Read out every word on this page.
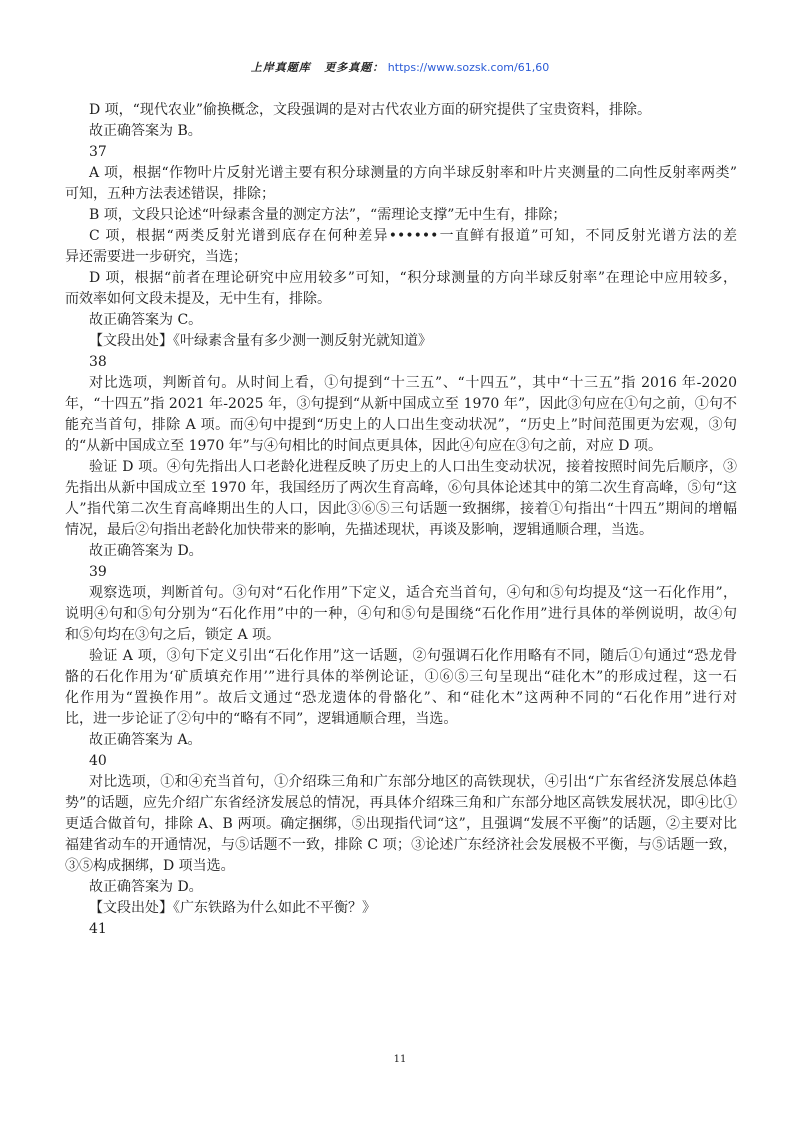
上岸真题库 更多真题： https://www.sozsk.com/61,60
D 项，“现代农业”偷换概念，文段强调的是对古代农业方面的研究提供了宝贵资料，排除。
故正确答案为 B。
37
A 项，根据“作物叶片反射光谱主要有积分球测量的方向半球反射率和叶片夹测量的二向性反射率两类”
可知，五种方法表述错误，排除；
B 项，文段只论述“叶绿素含量的测定方法”，“需理论支撑”无中生有，排除；
C 项，根据“两类反射光谱到底存在何种差异••••••一直鲜有报道”可知，不同反射光谱方法的差
异还需要进一步研究，当选；
D 项，根据“前者在理论研究中应用较多”可知，“积分球测量的方向半球反射率”在理论中应用较多，
而效率如何文段未提及，无中生有，排除。
故正确答案为 C。
【文段出处】《叶绿素含量有多少测一测反射光就知道》
38
对比选项，判断首句。从时间上看，①句提到“十三五”、“十四五”，其中“十三五”指 2016 年-2020
年，“十四五”指 2021 年-2025 年，③句提到“从新中国成立至 1970 年”，因此③句应在①句之前，①句不
能充当首句，排除 A 项。而④句中提到“历史上的人口出生变动状况”，“历史上”时间范围更为宏观，③句
的“从新中国成立至 1970 年”与④句相比的时间点更具体，因此④句应在③句之前，对应 D 项。
验证 D 项。④句先指出人口老龄化进程反映了历史上的人口出生变动状况，接着按照时间先后顺序，③
先指出从新中国成立至 1970 年，我国经历了两次生育高峰，⑥句具体论述其中的第二次生育高峰，⑤句“这
人”指代第二次生育高峰期出生的人口，因此③⑥⑤三句话题一致捆绑，接着①句指出“十四五”期间的增幅
情况，最后②句指出老龄化加快带来的影响，先描述现状，再谈及影响，逻辑通顺合理，当选。
故正确答案为 D。
39
观察选项，判断首句。③句对“石化作用”下定义，适合充当首句，④句和⑤句均提及“这一石化作用”，
说明④句和⑤句分别为“石化作用”中的一种，④句和⑤句是围绕“石化作用”进行具体的举例说明，故④句
和⑤句均在③句之后，锁定 A 项。
验证 A 项，③句下定义引出“石化作用”这一话题，②句强调石化作用略有不同，随后①句通过“恐龙骨
骼的石化作用为‘矿质填充作用’”进行具体的举例论证，①⑥⑤三句呈现出“硅化木”的形成过程，这一石
化作用为“置换作用”。故后文通过“恐龙遗体的骨骼化”、和“硅化木”这两种不同的“石化作用”进行对
比，进一步论证了②句中的“略有不同”，逻辑通顺合理，当选。
故正确答案为 A。
40
对比选项，①和④充当首句，①介绍珠三角和广东部分地区的高铁现状，④引出“广东省经济发展总体趋
势”的话题，应先介绍广东省经济发展总的情况，再具体介绍珠三角和广东部分地区高铁发展状况，即④比①
更适合做首句，排除 A、B 两项。确定捆绑，⑤出现指代词“这”，且强调“发展不平衡”的话题，②主要对比
福建省动车的开通情况，与⑤话题不一致，排除 C 项；③论述广东经济社会发展极不平衡，与⑤话题一致，
③⑤构成捆绑，D 项当选。
故正确答案为 D。
【文段出处】《广东铁路为什么如此不平衡？》
41
11
